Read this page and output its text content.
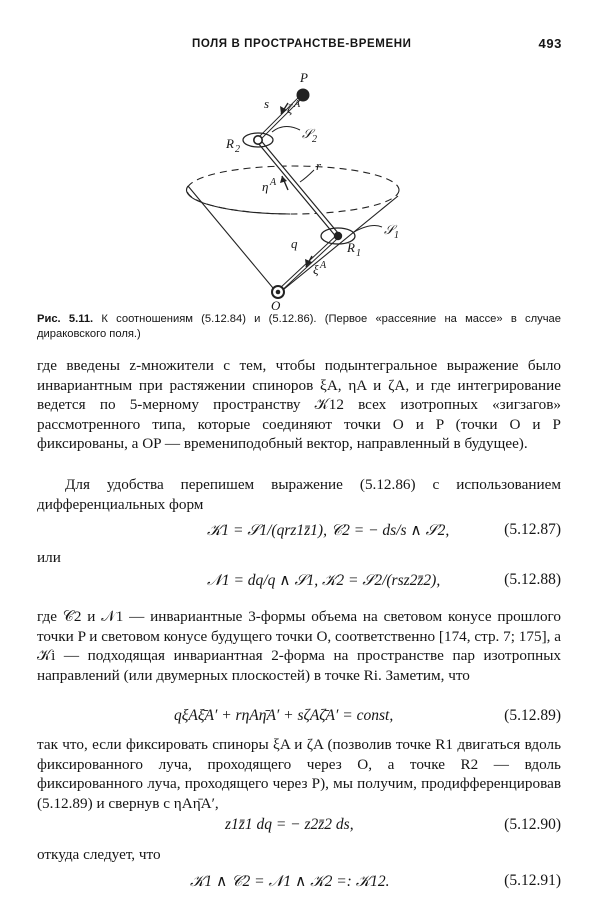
ПОЛЯ В ПРОСТРАНСТВЕ-ВРЕМЕНИ	493
P
s ζ A
R 2
𝒮 2
η A
r
𝒮 1
q	R 1
ξ A
O
Рис. 5.11. К соотношениям (5.12.84) и (5.12.86). (Первое «рассеяние на массе» в случае дираковского поля.)
где введены z-множители с тем, чтобы подынтегральное выражение было инвариантным при растяжении спиноров ξA, ηA и ζA, и где интегрирование ведется по 5-мерному пространству 𝒦12 всех изотропных «зигзагов» рассмотренного типа, которые соединяют точки O и P (точки O и P фиксированы, а OP — времениподобный вектор, направленный в будущее).
Для удобства перепишем выражение (5.12.86) с использованием дифференциальных форм
𝒦1 = 𝒮1/(qrz1z̄1), 𝒞2 = − ds/s ∧ 𝒮2,	(5.12.87)
или
𝒩1 = dq/q ∧ 𝒮1, 𝒦2 = 𝒮2/(rsz2z̄2),	(5.12.88)
где 𝒞2 и 𝒩1 — инвариантные 3-формы объема на световом конусе прошлого точки P и световом конусе будущего точки O, соответственно [174, стр. 7; 175], а 𝒦i — подходящая инвариантная 2-форма на пространстве пар изотропных направлений (или двумерных плоскостей) в точке Ri. Заметим, что
qξAξ̄A′ + rηAη̄A′ + sζAζ̄A′ = const,	(5.12.89)
так что, если фиксировать спиноры ξA и ζA (позволив точке R1 двигаться вдоль фиксированного луча, проходящего через O, а точке R2 — вдоль фиксированного луча, проходящего через P), мы получим, продифференцировав (5.12.89) и свернув с ηAη̄A′,
z1z̄1 dq = − z2z̄2 ds,	(5.12.90)
откуда следует, что
𝒦1 ∧ 𝒞2 = 𝒩1 ∧ 𝒦2 =: 𝒦12.	(5.12.91)
